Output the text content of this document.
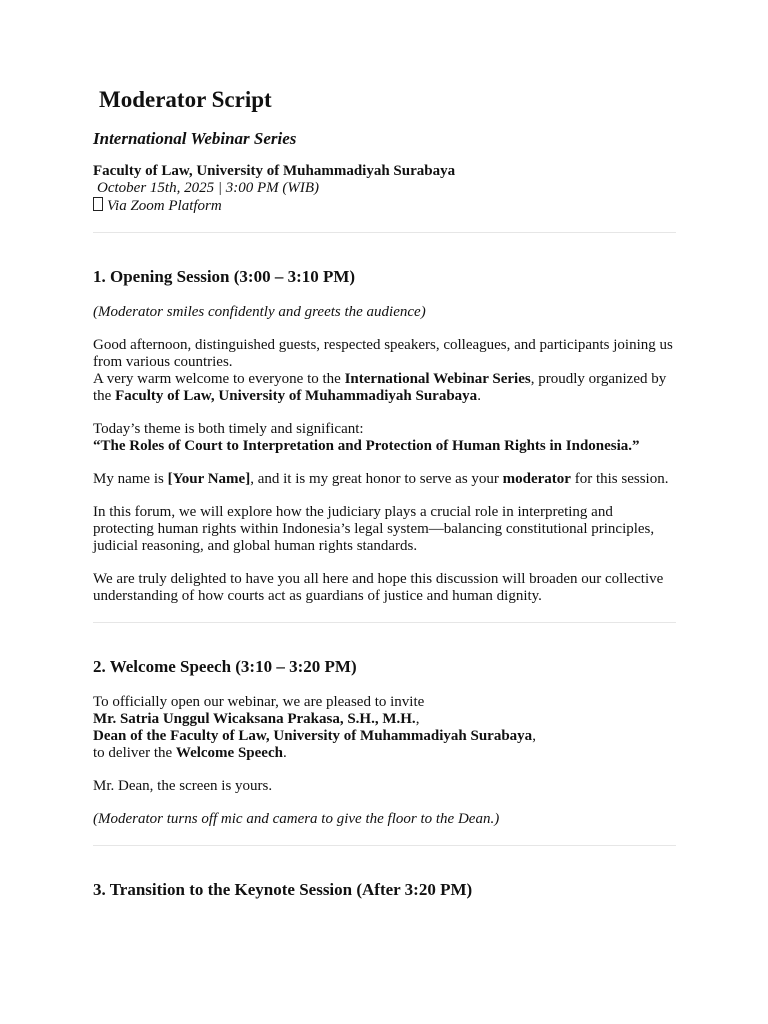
Moderator Script
International Webinar Series
Faculty of Law, University of Muhammadiyah Surabaya
October 15th, 2025 | 3:00 PM (WIB)
Via Zoom Platform
1. Opening Session (3:00 – 3:10 PM)

(Moderator smiles confidently and greets the audience)

Good afternoon, distinguished guests, respected speakers, colleagues, and participants joining us from various countries.
A very warm welcome to everyone to the International Webinar Series, proudly organized by the Faculty of Law, University of Muhammadiyah Surabaya.

Today’s theme is both timely and significant:
“The Roles of Court to Interpretation and Protection of Human Rights in Indonesia.”

My name is [Your Name], and it is my great honor to serve as your moderator for this session.

In this forum, we will explore how the judiciary plays a crucial role in interpreting and protecting human rights within Indonesia’s legal system—balancing constitutional principles, judicial reasoning, and global human rights standards.

We are truly delighted to have you all here and hope this discussion will broaden our collective understanding of how courts act as guardians of justice and human dignity.

2. Welcome Speech (3:10 – 3:20 PM)

To officially open our webinar, we are pleased to invite
Mr. Satria Unggul Wicaksana Prakasa, S.H., M.H.,
Dean of the Faculty of Law, University of Muhammadiyah Surabaya,
to deliver the Welcome Speech.

Mr. Dean, the screen is yours.

(Moderator turns off mic and camera to give the floor to the Dean.)

3. Transition to the Keynote Session (After 3:20 PM)
